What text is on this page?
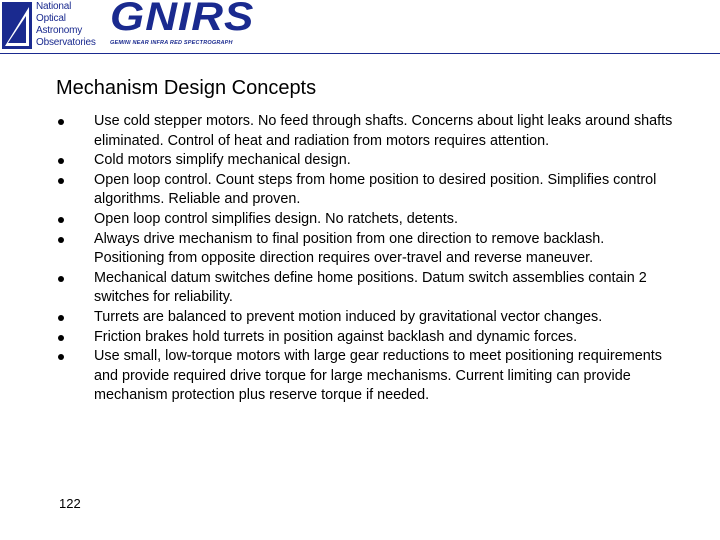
National
Optical
Astronomy
Observatories
GNIRS
GEMINI NEAR INFRA RED SPECTROGRAPH
Mechanism Design Concepts
Use cold stepper motors. No feed through shafts. Concerns about light leaks around shafts eliminated. Control of heat and radiation from motors requires attention.
Cold motors simplify mechanical design.
Open loop control. Count steps from home position to desired position. Simplifies control algorithms. Reliable and proven.
Open loop control simplifies design. No ratchets, detents.
Always drive mechanism to final position from one direction to remove backlash. Positioning from opposite direction requires over-travel and reverse maneuver.
Mechanical datum switches define home positions. Datum switch assemblies contain 2 switches for reliability.
Turrets are balanced to prevent motion induced by gravitational vector changes.
Friction brakes hold turrets in position against backlash and dynamic forces.
Use small, low-torque motors with large gear reductions to meet positioning requirements and provide required drive torque for large mechanisms. Current limiting can provide mechanism protection plus reserve torque if needed.
122
